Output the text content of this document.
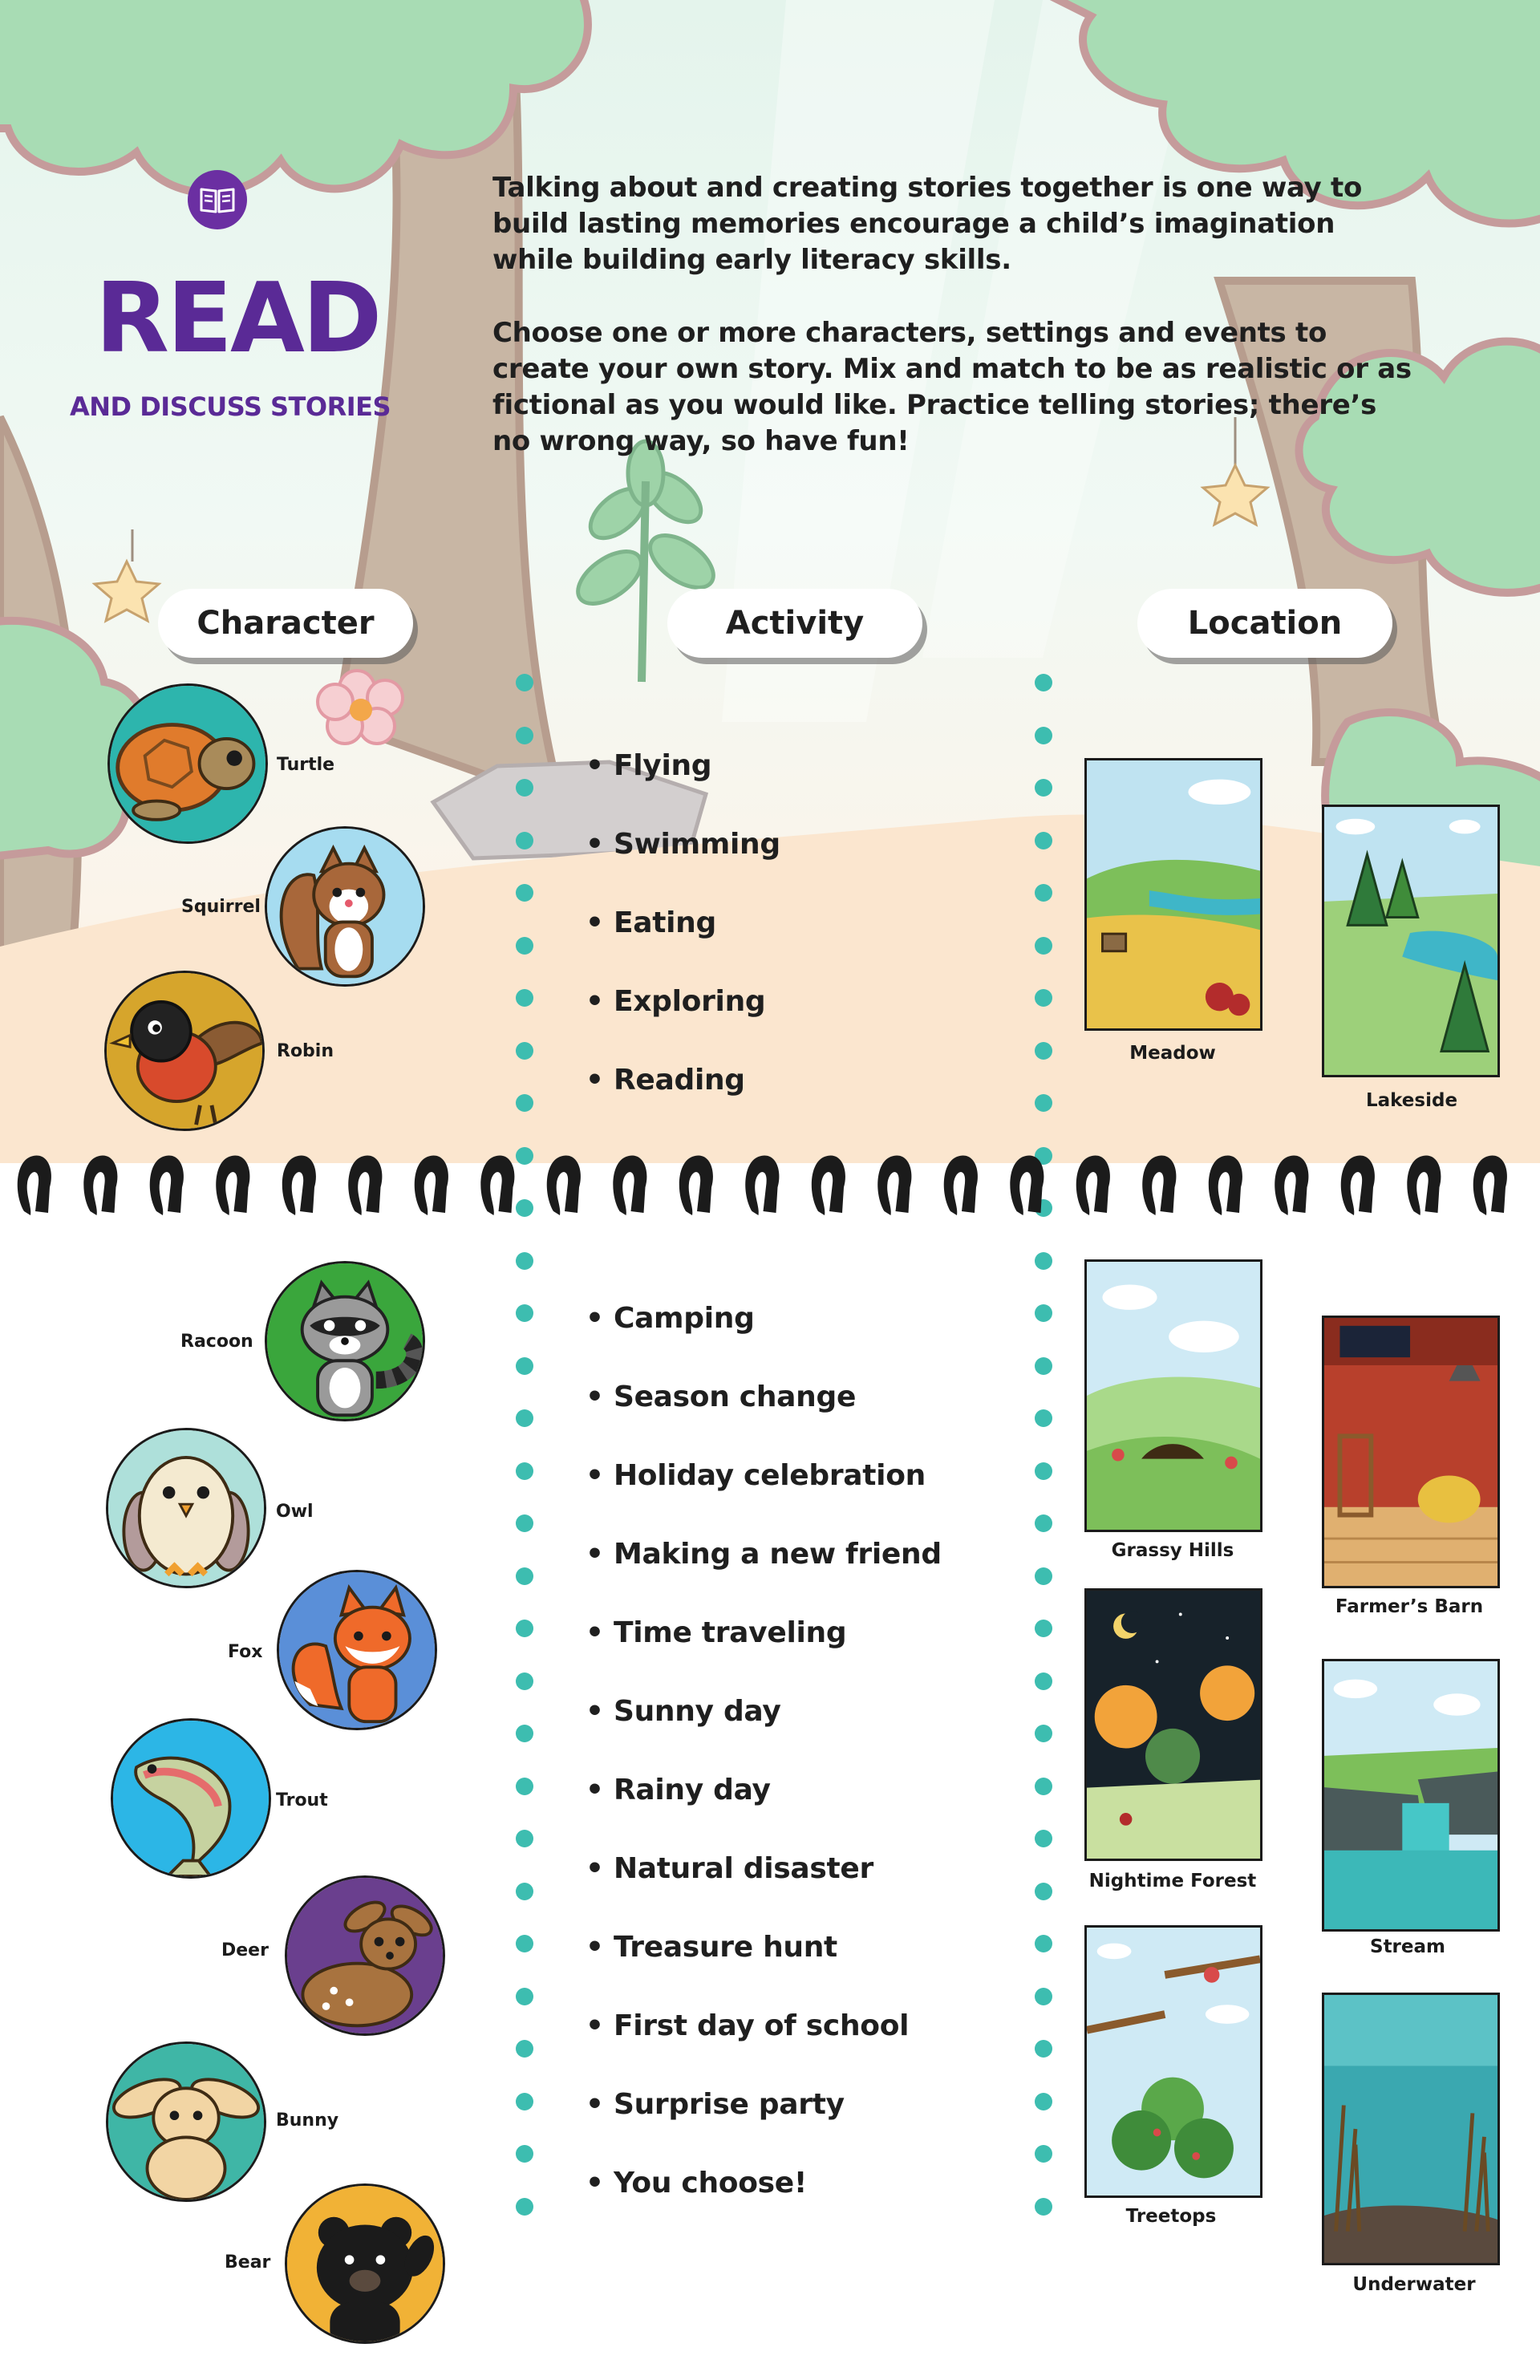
READ
AND DISCUSS STORIES
Talking about and creating stories together is one way to build lasting memories encourage a child’s imagination while building early literacy skills.
Choose one or more characters, settings and events to create your own story. Mix and match to be as realistic or as fictional as you would like. Practice telling stories; there’s no wrong way, so have fun!
Character	Activity	Location
Turtle
Squirrel
Robin
Racoon
Owl
Fox
Trout
Deer
Bunny
Bear
• Flying
• Swimming
• Eating
• Exploring
• Reading
• Camping
• Season change
• Holiday celebration
• Making a new friend
• Time traveling
• Sunny day
• Rainy day
• Natural disaster
• Treasure hunt
• First day of school
• Surprise party
• You choose!
Meadow
Lakeside
Grassy Hills
Farmer’s Barn
Nightime Forest
Stream
Treetops
Underwater
